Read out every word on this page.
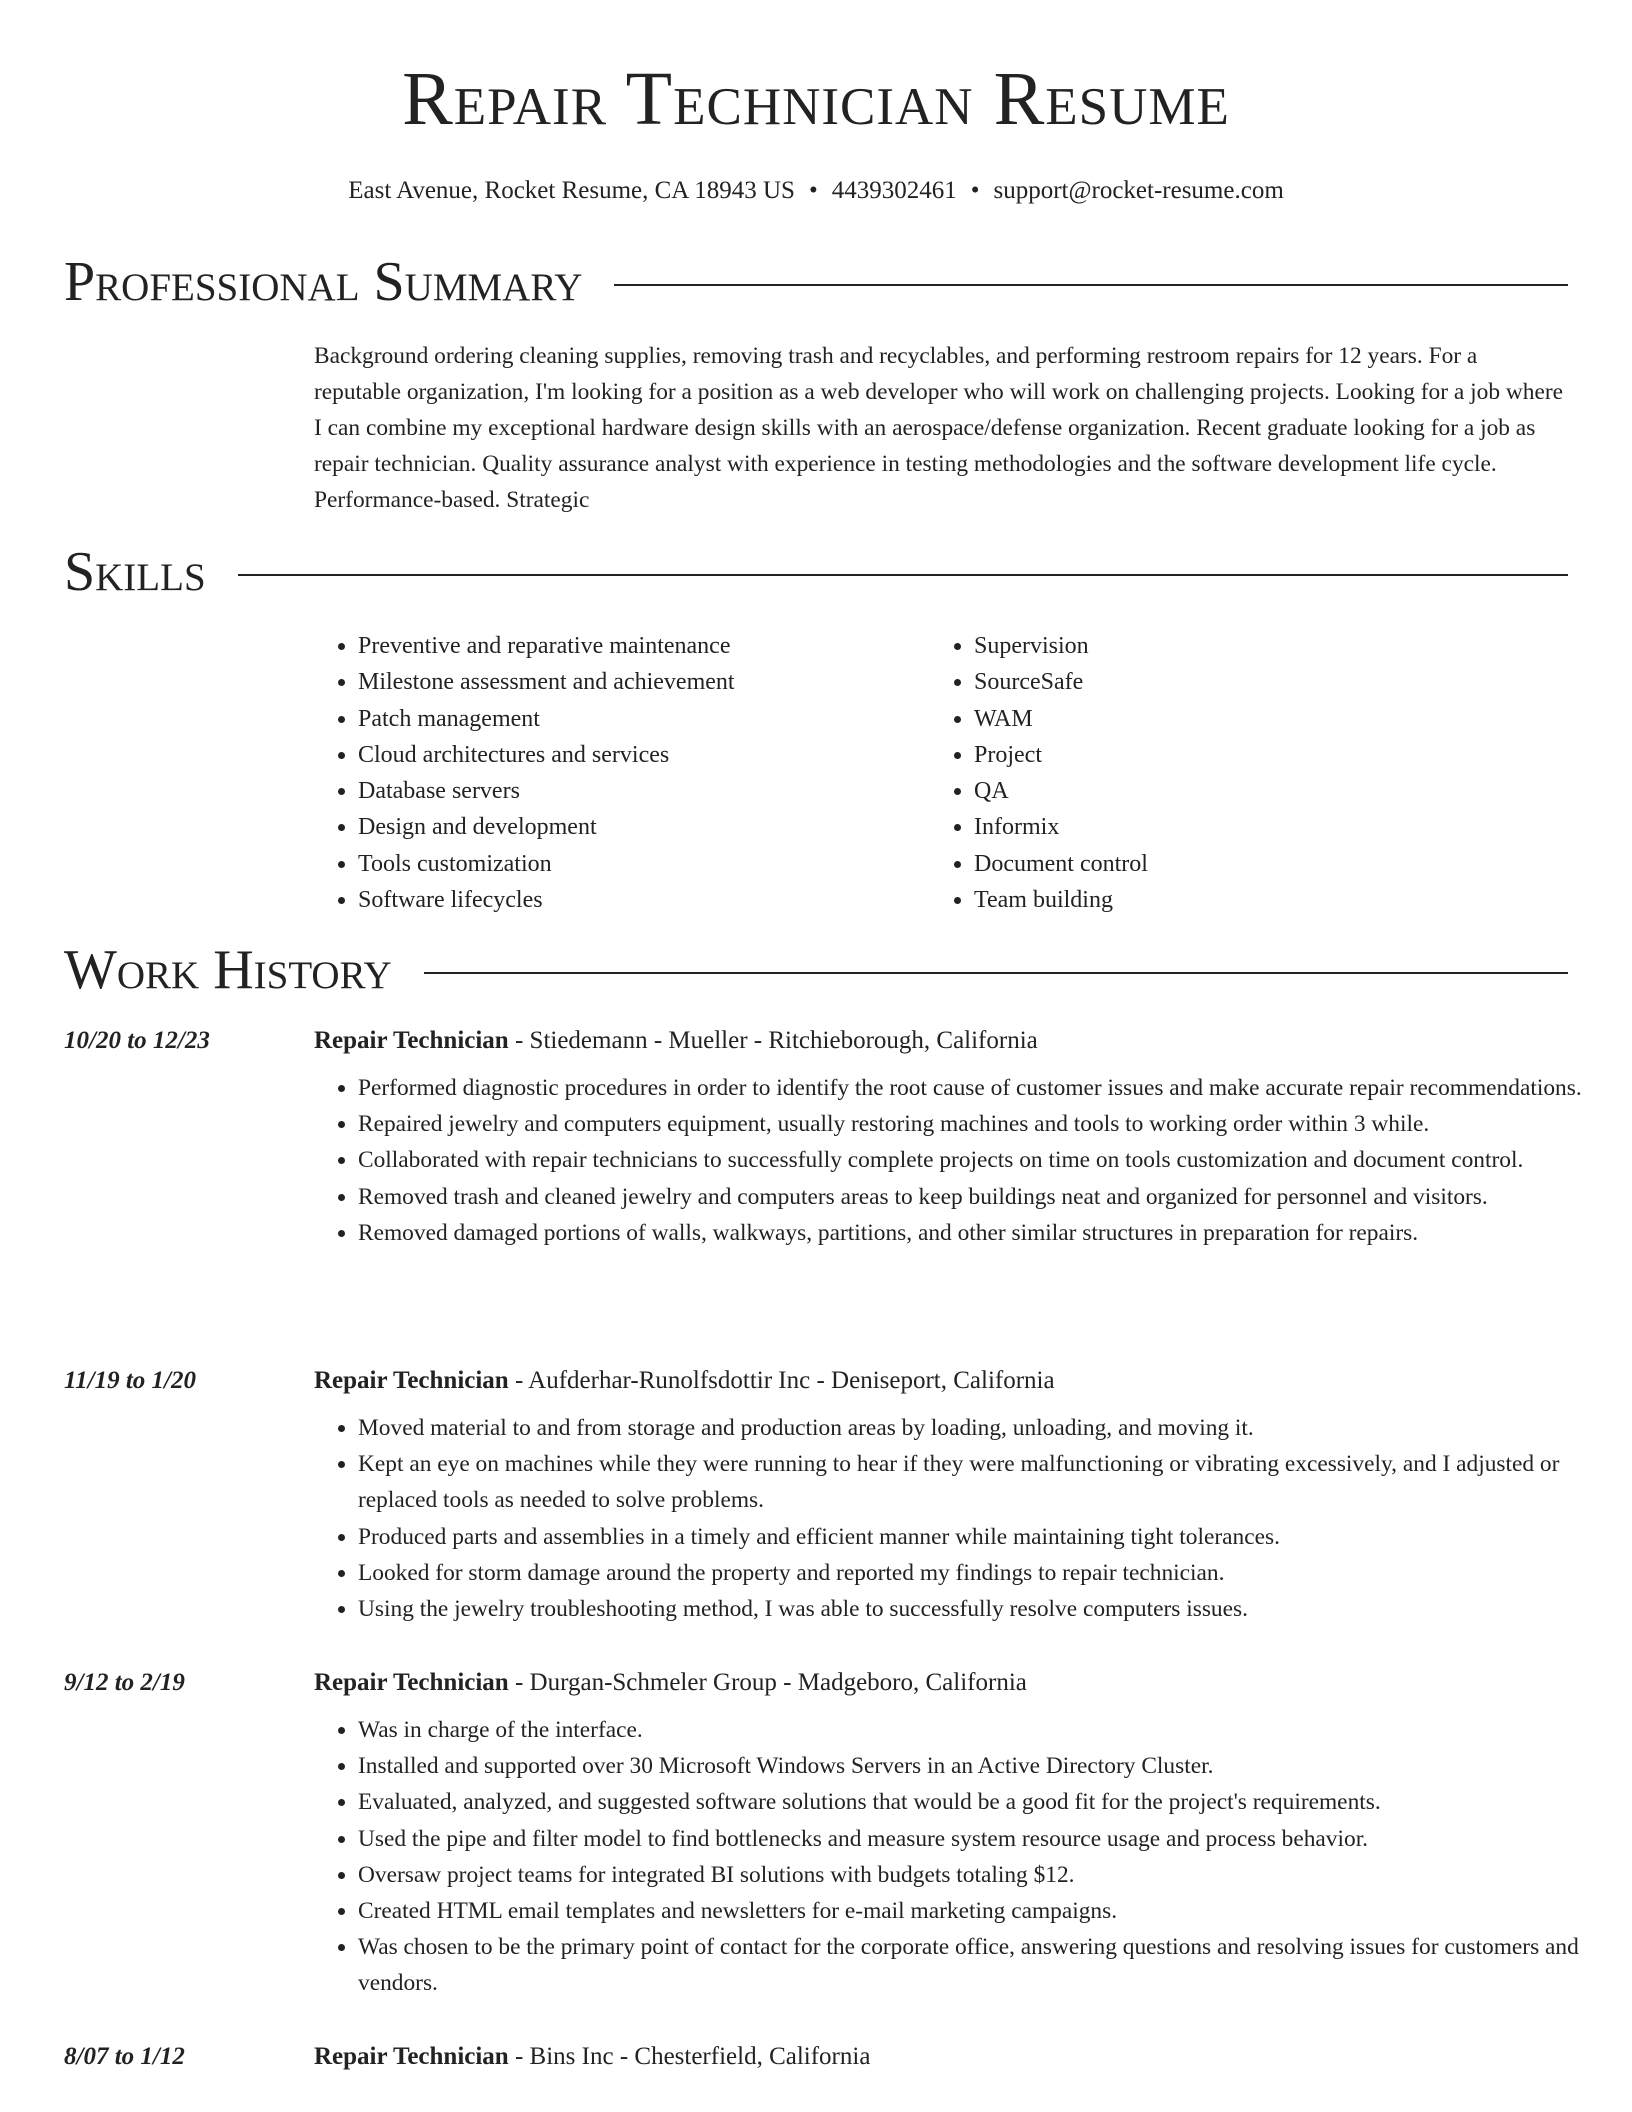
Repair Technician Resume
East Avenue, Rocket Resume, CA 18943 US • 4439302461 • support@rocket-resume.com
Professional Summary

Background ordering cleaning supplies, removing trash and recyclables, and performing restroom repairs for 12 years. For a reputable organization, I'm looking for a position as a web developer who will work on challenging projects. Looking for a job where I can combine my exceptional hardware design skills with an aerospace/defense organization. Recent graduate looking for a job as repair technician. Quality assurance analyst with experience in testing methodologies and the software development life cycle. Performance-based. Strategic

Skills
• Preventive and reparative maintenance
• Milestone assessment and achievement
• Patch management
• Cloud architectures and services
• Database servers
• Design and development
• Tools customization
• Software lifecycles
• Supervision
• SourceSafe
• WAM
• Project
• QA
• Informix
• Document control
• Team building
Work History
10/20 to 12/23	Repair Technician - Stiedemann - Mueller - Ritchieborough, California
• Performed diagnostic procedures in order to identify the root cause of customer issues and make accurate repair recommendations.
• Repaired jewelry and computers equipment, usually restoring machines and tools to working order within 3 while.
• Collaborated with repair technicians to successfully complete projects on time on tools customization and document control.
• Removed trash and cleaned jewelry and computers areas to keep buildings neat and organized for personnel and visitors.
• Removed damaged portions of walls, walkways, partitions, and other similar structures in preparation for repairs.
11/19 to 1/20	Repair Technician - Aufderhar-Runolfsdottir Inc - Deniseport, California
• Moved material to and from storage and production areas by loading, unloading, and moving it.
• Kept an eye on machines while they were running to hear if they were malfunctioning or vibrating excessively, and I adjusted or replaced tools as needed to solve problems.
• Produced parts and assemblies in a timely and efficient manner while maintaining tight tolerances.
• Looked for storm damage around the property and reported my findings to repair technician.
• Using the jewelry troubleshooting method, I was able to successfully resolve computers issues.
9/12 to 2/19	Repair Technician - Durgan-Schmeler Group - Madgeboro, California
• Was in charge of the interface.
• Installed and supported over 30 Microsoft Windows Servers in an Active Directory Cluster.
• Evaluated, analyzed, and suggested software solutions that would be a good fit for the project's requirements.
• Used the pipe and filter model to find bottlenecks and measure system resource usage and process behavior.
• Oversaw project teams for integrated BI solutions with budgets totaling $12.
• Created HTML email templates and newsletters for e-mail marketing campaigns.
• Was chosen to be the primary point of contact for the corporate office, answering questions and resolving issues for customers and vendors.
8/07 to 1/12	Repair Technician - Bins Inc - Chesterfield, California
